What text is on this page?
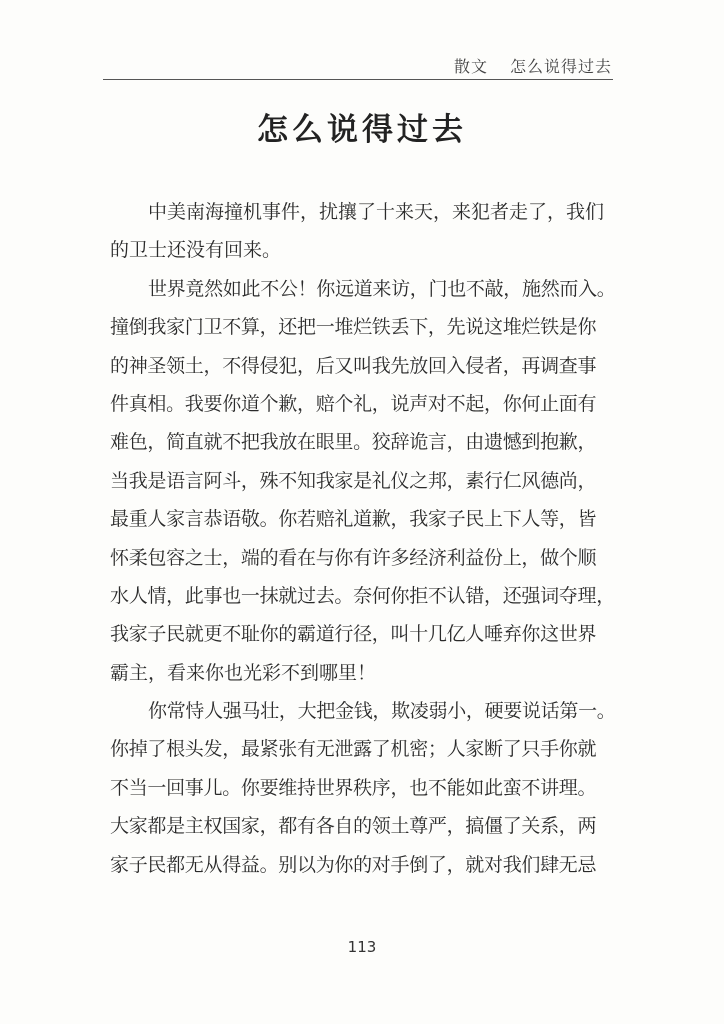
散文 怎么说得过去
怎么说得过去
中美南海撞机事件，扰攘了十来天，来犯者走了，我们
的卫士还没有回来。
世界竟然如此不公！你远道来访，门也不敲，施然而入。
撞倒我家门卫不算，还把一堆烂铁丢下，先说这堆烂铁是你
的神圣领土，不得侵犯，后又叫我先放回入侵者，再调查事
件真相。我要你道个歉，赔个礼，说声对不起，你何止面有
难色，简直就不把我放在眼里。狡辞诡言，由遗憾到抱歉，
当我是语言阿斗，殊不知我家是礼仪之邦，素行仁风德尚，
最重人家言恭语敬。你若赔礼道歉，我家子民上下人等，皆
怀柔包容之士，端的看在与你有许多经济利益份上，做个顺
水人情，此事也一抹就过去。奈何你拒不认错，还强词夺理，
我家子民就更不耻你的霸道行径，叫十几亿人唾弃你这世界
霸主，看来你也光彩不到哪里！
你常恃人强马壮，大把金钱，欺凌弱小，硬要说话第一。
你掉了根头发，最紧张有无泄露了机密；人家断了只手你就
不当一回事儿。你要维持世界秩序，也不能如此蛮不讲理。
大家都是主权国家，都有各自的领土尊严，搞僵了关系，两
家子民都无从得益。别以为你的对手倒了，就对我们肆无忌
113
